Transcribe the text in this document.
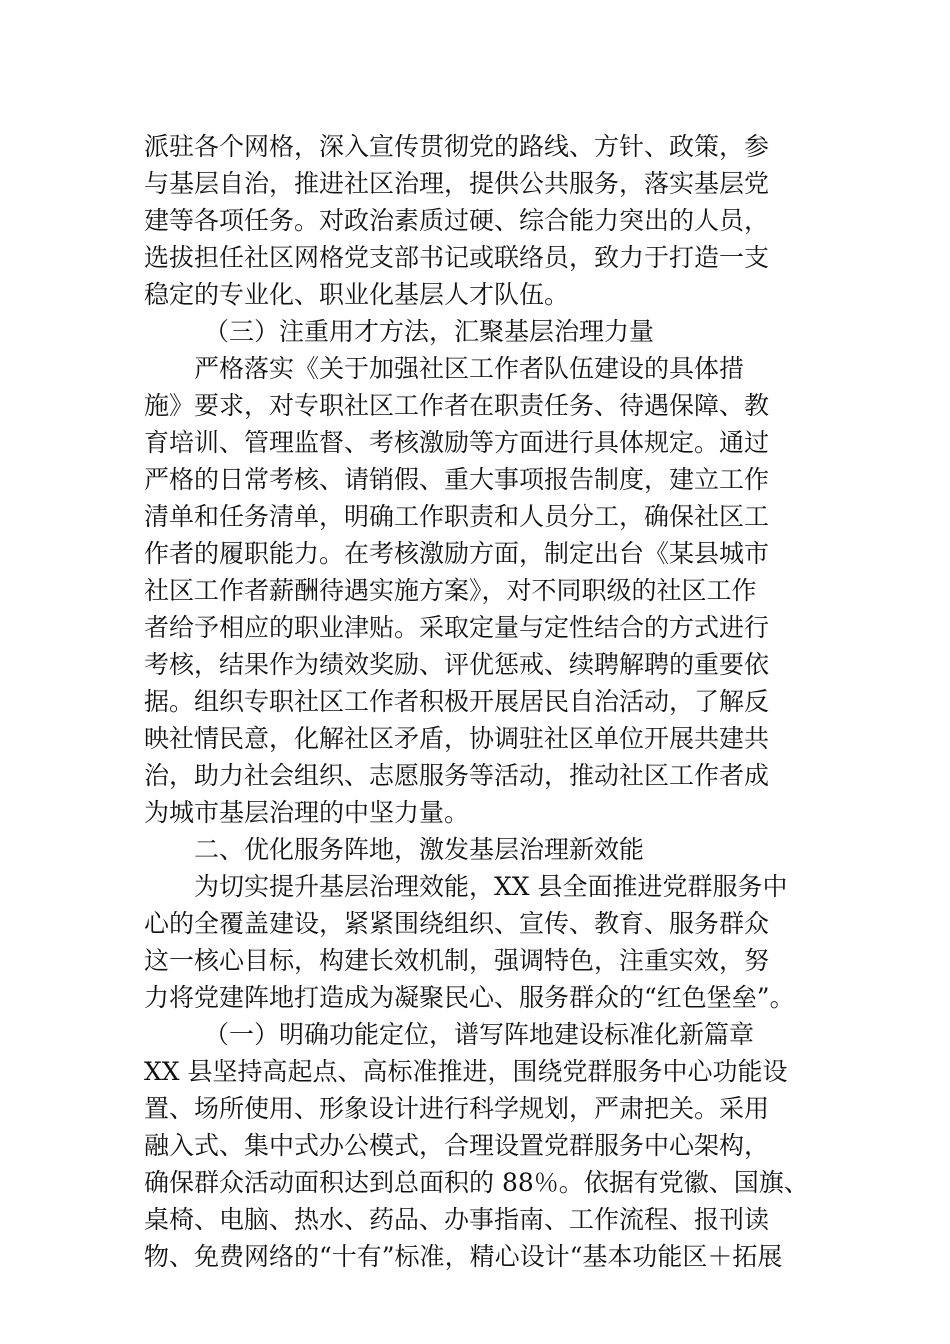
派驻各个网格，深入宣传贯彻党的路线、方针、政策，参
与基层自治，推进社区治理，提供公共服务，落实基层党
建等各项任务。对政治素质过硬、综合能力突出的人员，
选拔担任社区网格党支部书记或联络员，致力于打造一支
稳定的专业化、职业化基层人才队伍。
（三）注重用才方法，汇聚基层治理力量
严格落实《关于加强社区工作者队伍建设的具体措
施》要求，对专职社区工作者在职责任务、待遇保障、教
育培训、管理监督、考核激励等方面进行具体规定。通过
严格的日常考核、请销假、重大事项报告制度，建立工作
清单和任务清单，明确工作职责和人员分工，确保社区工
作者的履职能力。在考核激励方面，制定出台《某县城市
社区工作者薪酬待遇实施方案》，对不同职级的社区工作
者给予相应的职业津贴。采取定量与定性结合的方式进行
考核，结果作为绩效奖励、评优惩戒、续聘解聘的重要依
据。组织专职社区工作者积极开展居民自治活动，了解反
映社情民意，化解社区矛盾，协调驻社区单位开展共建共
治，助力社会组织、志愿服务等活动，推动社区工作者成
为城市基层治理的中坚力量。
二、优化服务阵地，激发基层治理新效能
为切实提升基层治理效能，XX 县全面推进党群服务中
心的全覆盖建设，紧紧围绕组织、宣传、教育、服务群众
这一核心目标，构建长效机制，强调特色，注重实效，努
力将党建阵地打造成为凝聚民心、服务群众的“红色堡垒”。
（一）明确功能定位，谱写阵地建设标准化新篇章
XX 县坚持高起点、高标准推进，围绕党群服务中心功能设
置、场所使用、形象设计进行科学规划，严肃把关。采用
融入式、集中式办公模式，合理设置党群服务中心架构，
确保群众活动面积达到总面积的 88％。依据有党徽、国旗、
桌椅、电脑、热水、药品、办事指南、工作流程、报刊读
物、免费网络的“十有”标准，精心设计“基本功能区＋拓展
